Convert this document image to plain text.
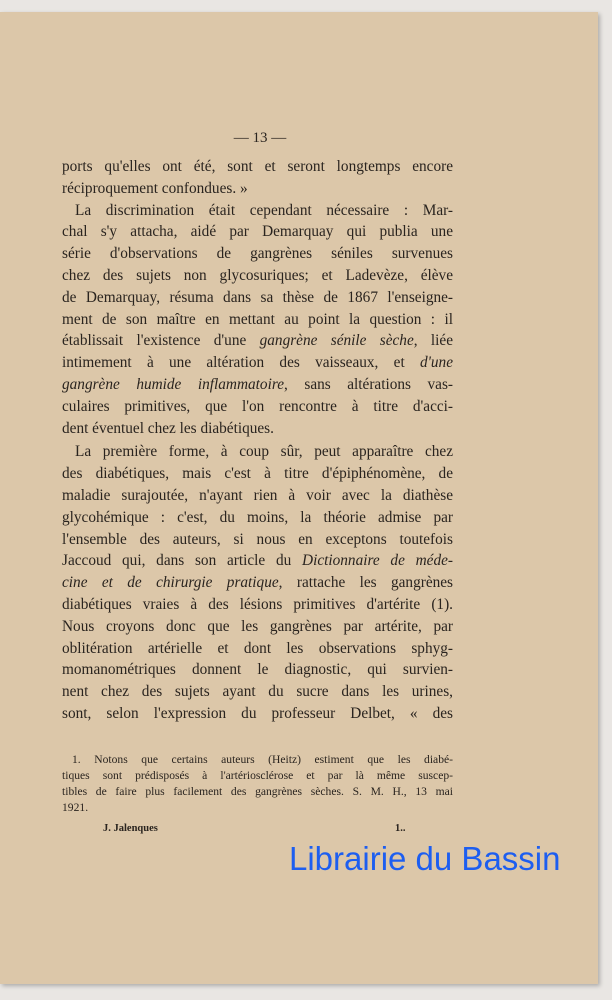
— 13 —
ports qu'elles ont été, sont et seront longtemps encore
réciproquement confondues. »
La discrimination était cependant nécessaire : Mar-
chal s'y attacha, aidé par Demarquay qui publia une
série d'observations de gangrènes séniles survenues
chez des sujets non glycosuriques; et Ladevèze, élève
de Demarquay, résuma dans sa thèse de 1867 l'enseigne-
ment de son maître en mettant au point la question : il
établissait l'existence d'une gangrène sénile sèche, liée
intimement à une altération des vaisseaux, et d'une
gangrène humide inflammatoire, sans altérations vas-
culaires primitives, que l'on rencontre à titre d'acci-
dent éventuel chez les diabétiques.
La première forme, à coup sûr, peut apparaître chez
des diabétiques, mais c'est à titre d'épiphénomène, de
maladie surajoutée, n'ayant rien à voir avec la diathèse
glycohémique : c'est, du moins, la théorie admise par
l'ensemble des auteurs, si nous en exceptons toutefois
Jaccoud qui, dans son article du Dictionnaire de méde-
cine et de chirurgie pratique, rattache les gangrènes
diabétiques vraies à des lésions primitives d'artérite (1).
Nous croyons donc que les gangrènes par artérite, par
oblitération artérielle et dont les observations sphyg-
momanométriques donnent le diagnostic, qui survien-
nent chez des sujets ayant du sucre dans les urines,
sont, selon l'expression du professeur Delbet, « des
1. Notons que certains auteurs (Heitz) estiment que les diabé-
tiques sont prédisposés à l'artériosclérose et par là même suscep-
tibles de faire plus facilement des gangrènes sèches. S. M. H., 13 mai
1921.
J. Jalenques	1..
Librairie du Bassin
